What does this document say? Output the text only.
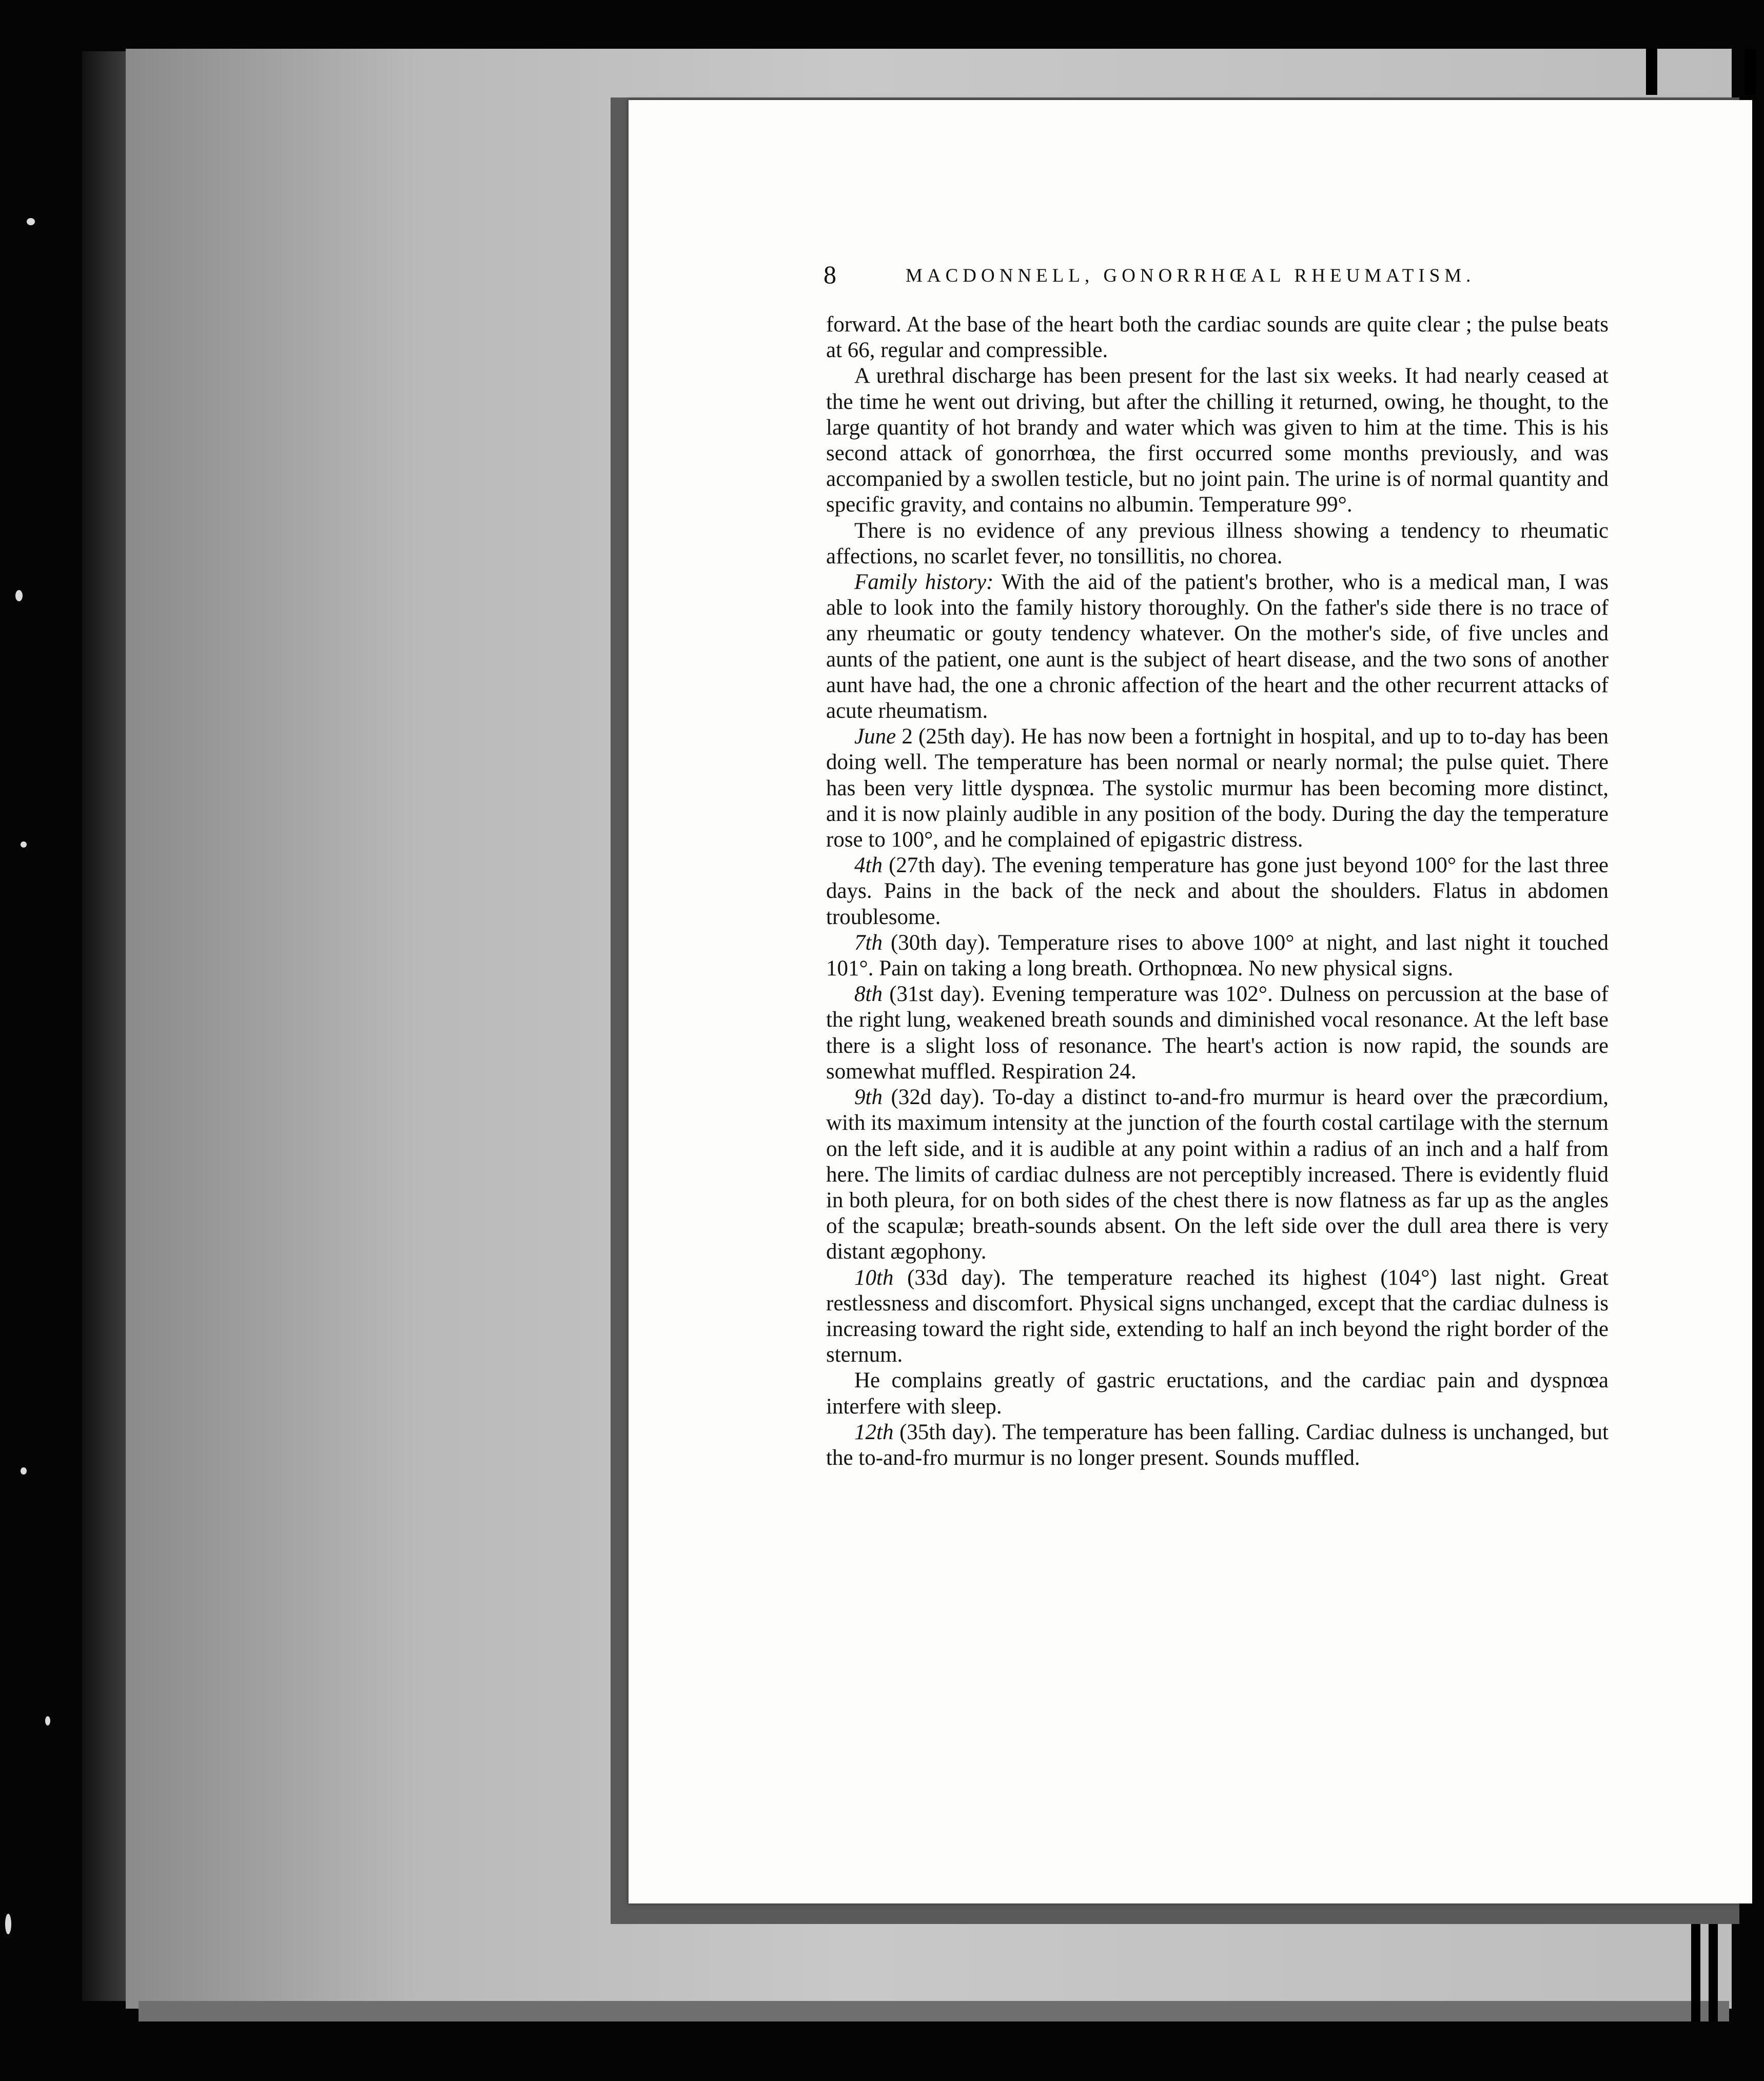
8	MACDONNELL, GONORRHŒAL RHEUMATISM.

forward. At the base of the heart both the cardiac sounds are quite clear ; the pulse beats at 66, regular and compressible.

A urethral discharge has been present for the last six weeks. It had nearly ceased at the time he went out driving, but after the chilling it returned, owing, he thought, to the large quantity of hot brandy and water which was given to him at the time. This is his second attack of gonorrhœa, the first occurred some months previously, and was accompanied by a swollen testicle, but no joint pain. The urine is of normal quantity and specific gravity, and contains no albumin. Temperature 99°.

There is no evidence of any previous illness showing a tendency to rheumatic affections, no scarlet fever, no tonsillitis, no chorea.

Family history: With the aid of the patient's brother, who is a medical man, I was able to look into the family history thoroughly. On the father's side there is no trace of any rheumatic or gouty tendency whatever. On the mother's side, of five uncles and aunts of the patient, one aunt is the subject of heart disease, and the two sons of another aunt have had, the one a chronic affection of the heart and the other recurrent attacks of acute rheumatism.

June 2 (25th day). He has now been a fortnight in hospital, and up to to-day has been doing well. The temperature has been normal or nearly normal; the pulse quiet. There has been very little dyspnœa. The systolic murmur has been becoming more distinct, and it is now plainly audible in any position of the body. During the day the temperature rose to 100°, and he complained of epigastric distress.

4th (27th day). The evening temperature has gone just beyond 100° for the last three days. Pains in the back of the neck and about the shoulders. Flatus in abdomen troublesome.

7th (30th day). Temperature rises to above 100° at night, and last night it touched 101°. Pain on taking a long breath. Orthopnœa. No new physical signs.

8th (31st day). Evening temperature was 102°. Dulness on percussion at the base of the right lung, weakened breath sounds and diminished vocal resonance. At the left base there is a slight loss of resonance. The heart's action is now rapid, the sounds are somewhat muffled. Respiration 24.

9th (32d day). To-day a distinct to-and-fro murmur is heard over the præcordium, with its maximum intensity at the junction of the fourth costal cartilage with the sternum on the left side, and it is audible at any point within a radius of an inch and a half from here. The limits of cardiac dulness are not perceptibly increased. There is evidently fluid in both pleura, for on both sides of the chest there is now flatness as far up as the angles of the scapulæ; breath-sounds absent. On the left side over the dull area there is very distant ægophony.

10th (33d day). The temperature reached its highest (104°) last night. Great restlessness and discomfort. Physical signs unchanged, except that the cardiac dulness is increasing toward the right side, extending to half an inch beyond the right border of the sternum.

He complains greatly of gastric eructations, and the cardiac pain and dyspnœa interfere with sleep.

12th (35th day). The temperature has been falling. Cardiac dulness is unchanged, but the to-and-fro murmur is no longer present. Sounds muffled.
